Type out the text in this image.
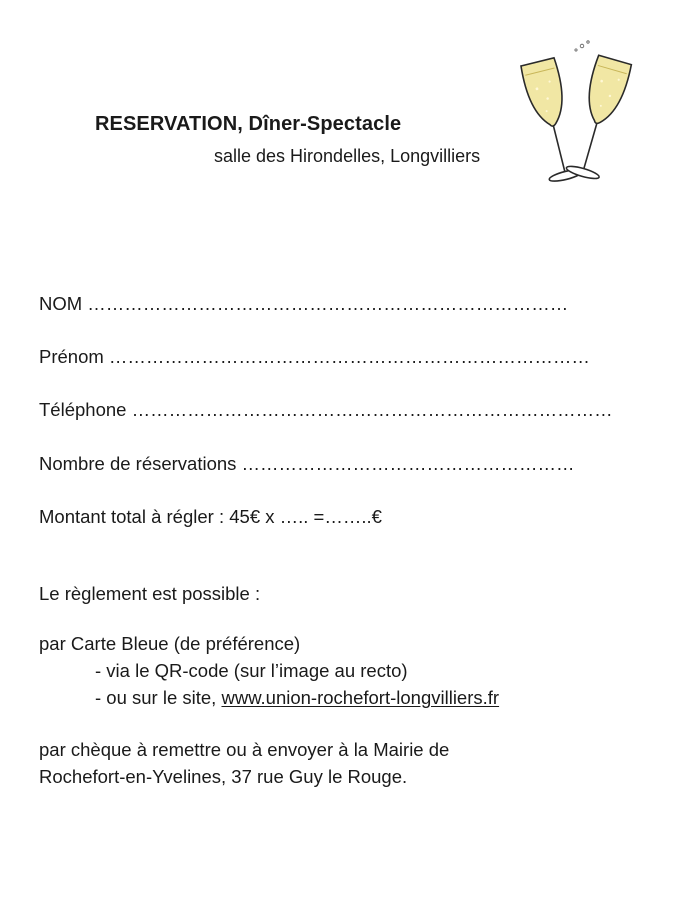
RESERVATION, Dîner-Spectacle
salle des Hirondelles, Longvilliers
NOM ……………………………………………………………………
Prénom ……………………………………………………………………
Téléphone ……………………………………………………………………
Nombre de réservations ………………………………………………
Montant total à régler : 45€ x ….. =……..€
Le règlement est possible :
par Carte Bleue (de préférence)
- via le QR-code (sur l’image au recto)
- ou sur le site, www.union-rochefort-longvilliers.fr
par chèque à remettre ou à envoyer à la Mairie de
Rochefort-en-Yvelines, 37 rue Guy le Rouge.
